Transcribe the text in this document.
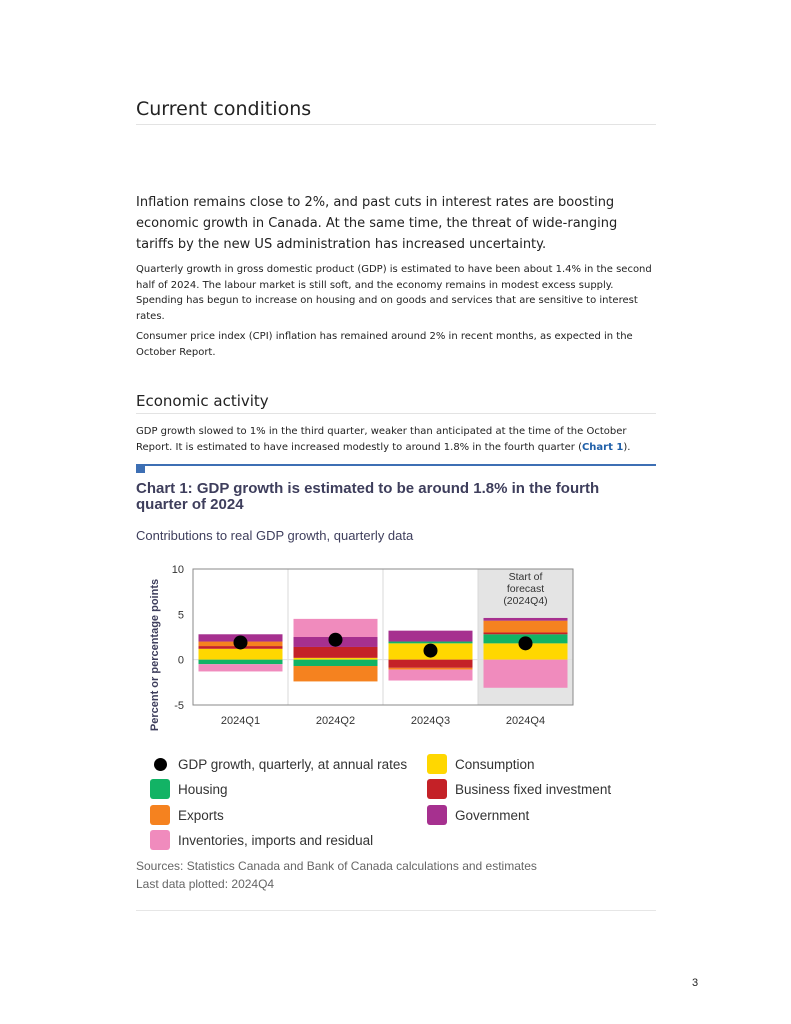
Current conditions
Inflation remains close to 2%, and past cuts in interest rates are boosting economic growth in Canada. At the same time, the threat of wide-ranging tariffs by the new US administration has increased uncertainty.

Quarterly growth in gross domestic product (GDP) is estimated to have been about 1.4% in the second half of 2024. The labour market is still soft, and the economy remains in modest excess supply. Spending has begun to increase on housing and on goods and services that are sensitive to interest rates.

Consumer price index (CPI) inflation has remained around 2% in recent months, as expected in the October Report.

Economic activity

GDP growth slowed to 1% in the third quarter, weaker than anticipated at the time of the October Report. It is estimated to have increased modestly to around 1.8% in the fourth quarter (Chart 1).

Chart 1: GDP growth is estimated to be around 1.8% in the fourth quarter of 2024
Contributions to real GDP growth, quarterly data
10
5
0
-5
2024Q1	2024Q2	2024Q3	2024Q4
Percent or percentage points
Start of
forecast
(2024Q4)
GDP growth, quarterly, at annual rates	Consumption
Housing	Business fixed investment
Exports	Government
Inventories, imports and residual
Sources: Statistics Canada and Bank of Canada calculations and estimates
Last data plotted: 2024Q4
3
